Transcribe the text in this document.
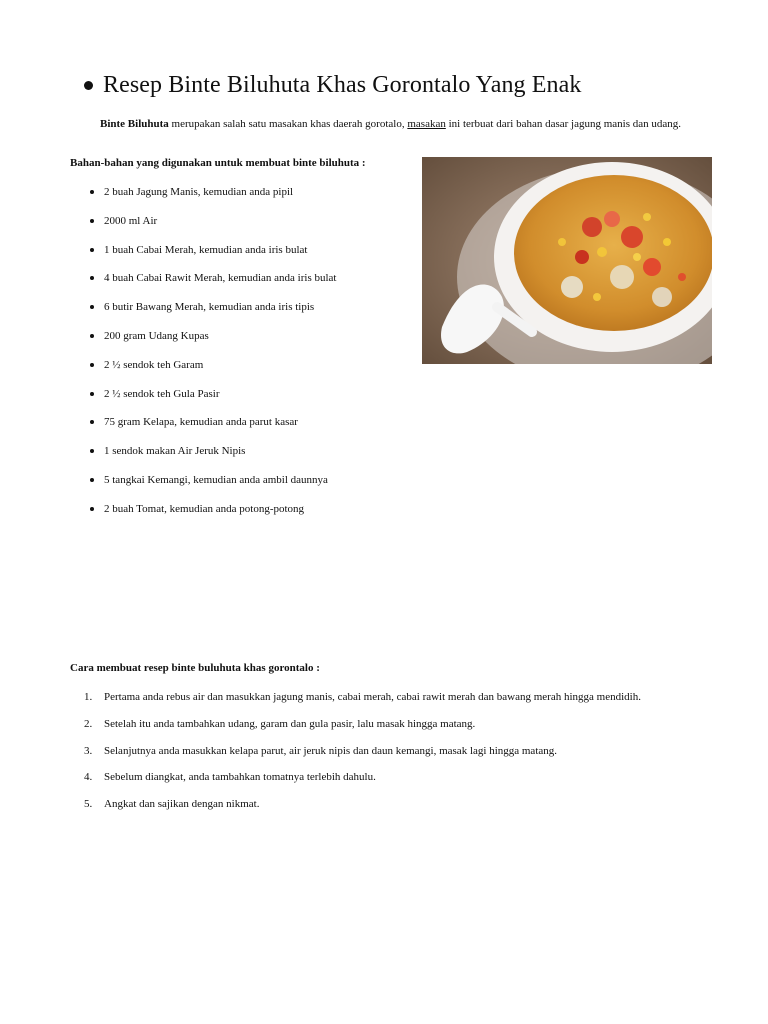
Resep Binte Biluhuta Khas Gorontalo Yang Enak

Binte Biluhuta merupakan salah satu masakan khas daerah gorotalo, masakan ini terbuat dari bahan dasar jagung manis dan udang.

Bahan-bahan yang digunakan untuk membuat binte biluhuta :
2 buah Jagung Manis, kemudian anda pipil
2000 ml Air
1 buah Cabai Merah, kemudian anda iris bulat
4 buah Cabai Rawit Merah, kemudian anda iris bulat
6 butir Bawang Merah, kemudian anda iris tipis
200 gram Udang Kupas
2 ½ sendok teh Garam
2 ½ sendok teh Gula Pasir
75 gram Kelapa, kemudian anda parut kasar
1 sendok makan Air Jeruk Nipis
5 tangkai Kemangi, kemudian anda ambil daunnya
2 buah Tomat, kemudian anda potong-potong
Cara membuat resep binte buluhuta khas gorontalo :
1. Pertama anda rebus air dan masukkan jagung manis, cabai merah, cabai rawit merah dan bawang merah hingga mendidih.
2. Setelah itu anda tambahkan udang, garam dan gula pasir, lalu masak hingga matang.
3. Selanjutnya anda masukkan kelapa parut, air jeruk nipis dan daun kemangi, masak lagi hingga matang.
4. Sebelum diangkat, anda tambahkan tomatnya terlebih dahulu.
5. Angkat dan sajikan dengan nikmat.
